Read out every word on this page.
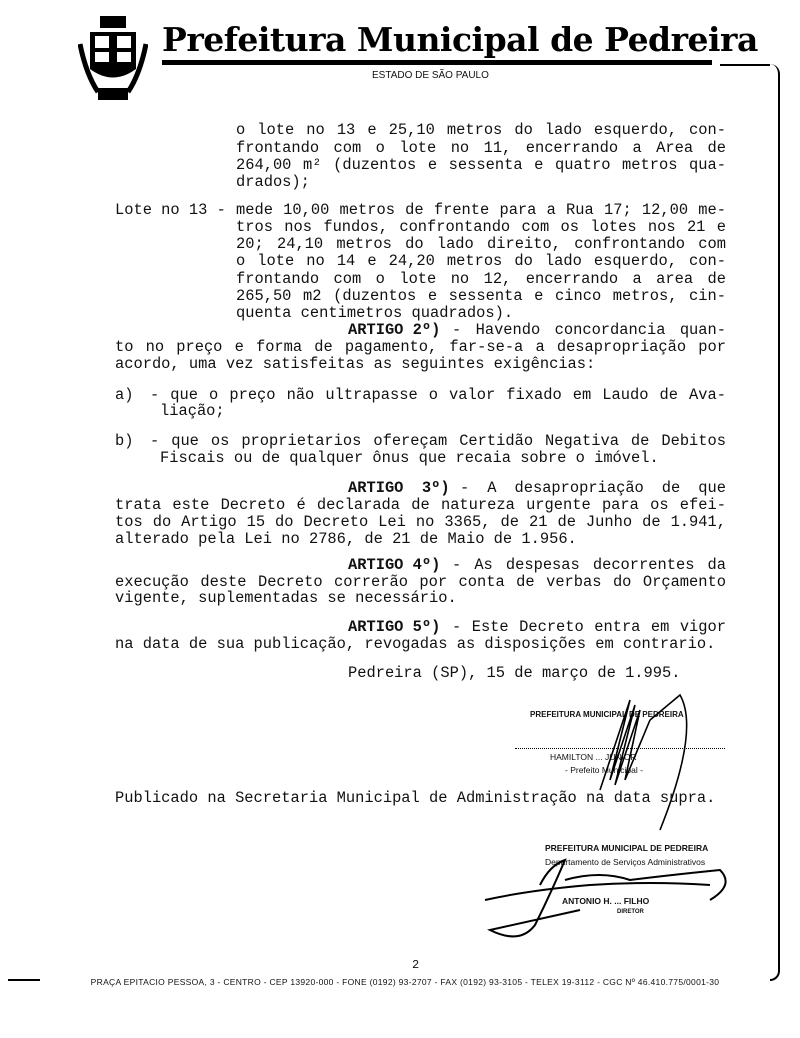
Prefeitura Municipal de Pedreira
ESTADO DE SÃO PAULO
o lote no 13 e 25,10 metros do lado esquerdo, con-
frontando com o lote no 11, encerrando a Area de
264,00 m² (duzentos e sessenta e quatro metros qua-
drados);
Lote no 13 - mede 10,00 metros de frente para a Rua 17; 12,00 me-
tros nos fundos, confrontando com os lotes nos 21 e
20; 24,10 metros do lado direito, confrontando com
o lote no 14 e 24,20 metros do lado esquerdo, con-
frontando com o lote no 12, encerrando a area de
265,50 m2 (duzentos e sessenta e cinco metros, cin-
quenta centimetros quadrados).
ARTIGO 2º) - Havendo concordancia quan-
to no preço e forma de pagamento, far-se-a a desapropriação por
acordo, uma vez satisfeitas as seguintes exigências:
a) - que o preço não ultrapasse o valor fixado em Laudo de Ava-
liação;
b) - que os proprietarios ofereçam Certidão Negativa de Debitos
Fiscais ou de qualquer ônus que recaia sobre o imóvel.
ARTIGO  3º) - A desapropriação de que
trata este Decreto é declarada de natureza urgente para os efei-
tos do Artigo 15 do Decreto Lei no 3365, de 21 de Junho de 1.941,
alterado pela Lei no 2786, de 21 de Maio de 1.956.
ARTIGO 4º) - As despesas decorrentes da
execução deste Decreto correrão por conta de verbas do Orçamento
vigente, suplementadas se necessário.
ARTIGO 5º) - Este Decreto entra em vigor
na data de sua publicação, revogadas as disposições em contrario.
Pedreira (SP), 15 de março de 1.995.
PREFEITURA MUNICIPAL DE PEDREIRA
HAMILTON ... JUNIOR
- Prefeito Municipal -
Publicado na Secretaria Municipal de Administração na data supra.
PREFEITURA MUNICIPAL DE PEDREIRA
Departamento de Serviços Administrativos
ANTONIO H. ... FILHO
DIRETOR
2
PRAÇA EPITACIO PESSOA, 3 - CENTRO - CEP 13920-000 - FONE (0192) 93-2707 - FAX (0192) 93-3105 - TELEX 19-3112 - CGC Nº 46.410.775/0001-30
